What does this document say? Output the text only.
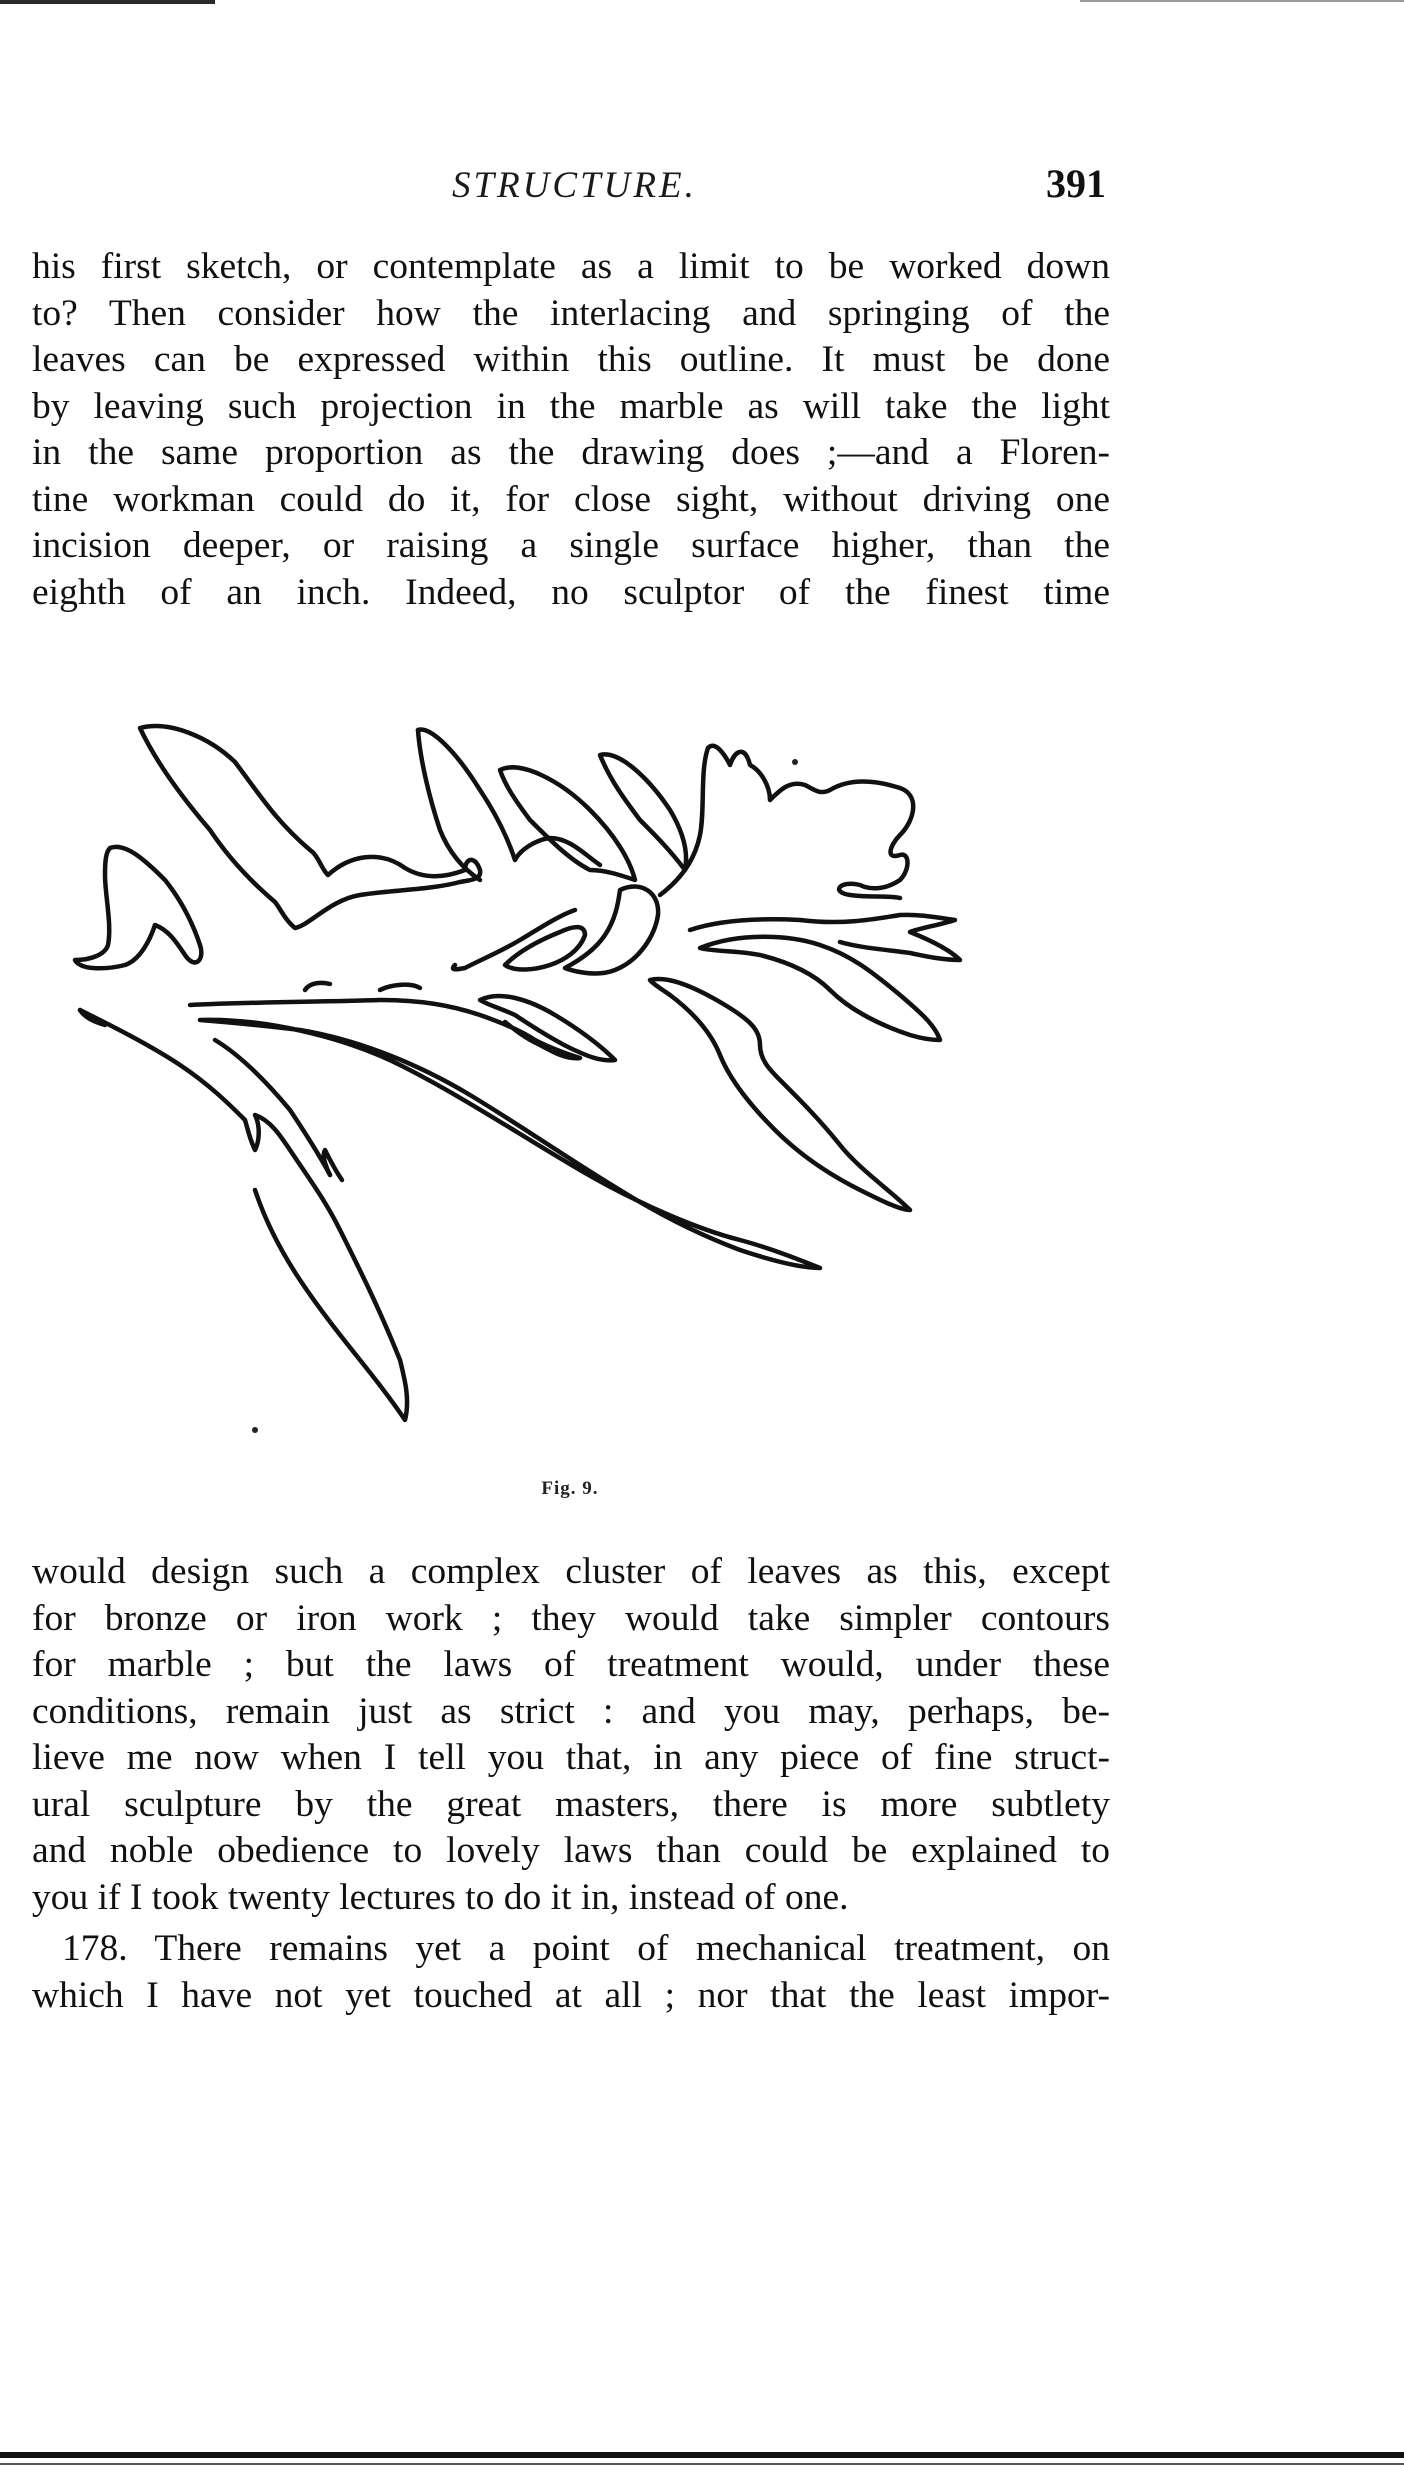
STRUCTURE.	391
his first sketch, or contemplate as a limit to be worked down
to? Then consider how the interlacing and springing of the
leaves can be expressed within this outline. It must be done
by leaving such projection in the marble as will take the light
in the same proportion as the drawing does ;—and a Floren-
tine workman could do it, for close sight, without driving one
incision deeper, or raising a single surface higher, than the
eighth of an inch. Indeed, no sculptor of the finest time
Fig. 9.
would design such a complex cluster of leaves as this, except
for bronze or iron work ; they would take simpler contours
for marble ; but the laws of treatment would, under these
conditions, remain just as strict : and you may, perhaps, be-
lieve me now when I tell you that, in any piece of fine struct-
ural sculpture by the great masters, there is more subtlety
and noble obedience to lovely laws than could be explained to
you if I took twenty lectures to do it in, instead of one.
178. There remains yet a point of mechanical treatment, on
which I have not yet touched at all ; nor that the least impor-
